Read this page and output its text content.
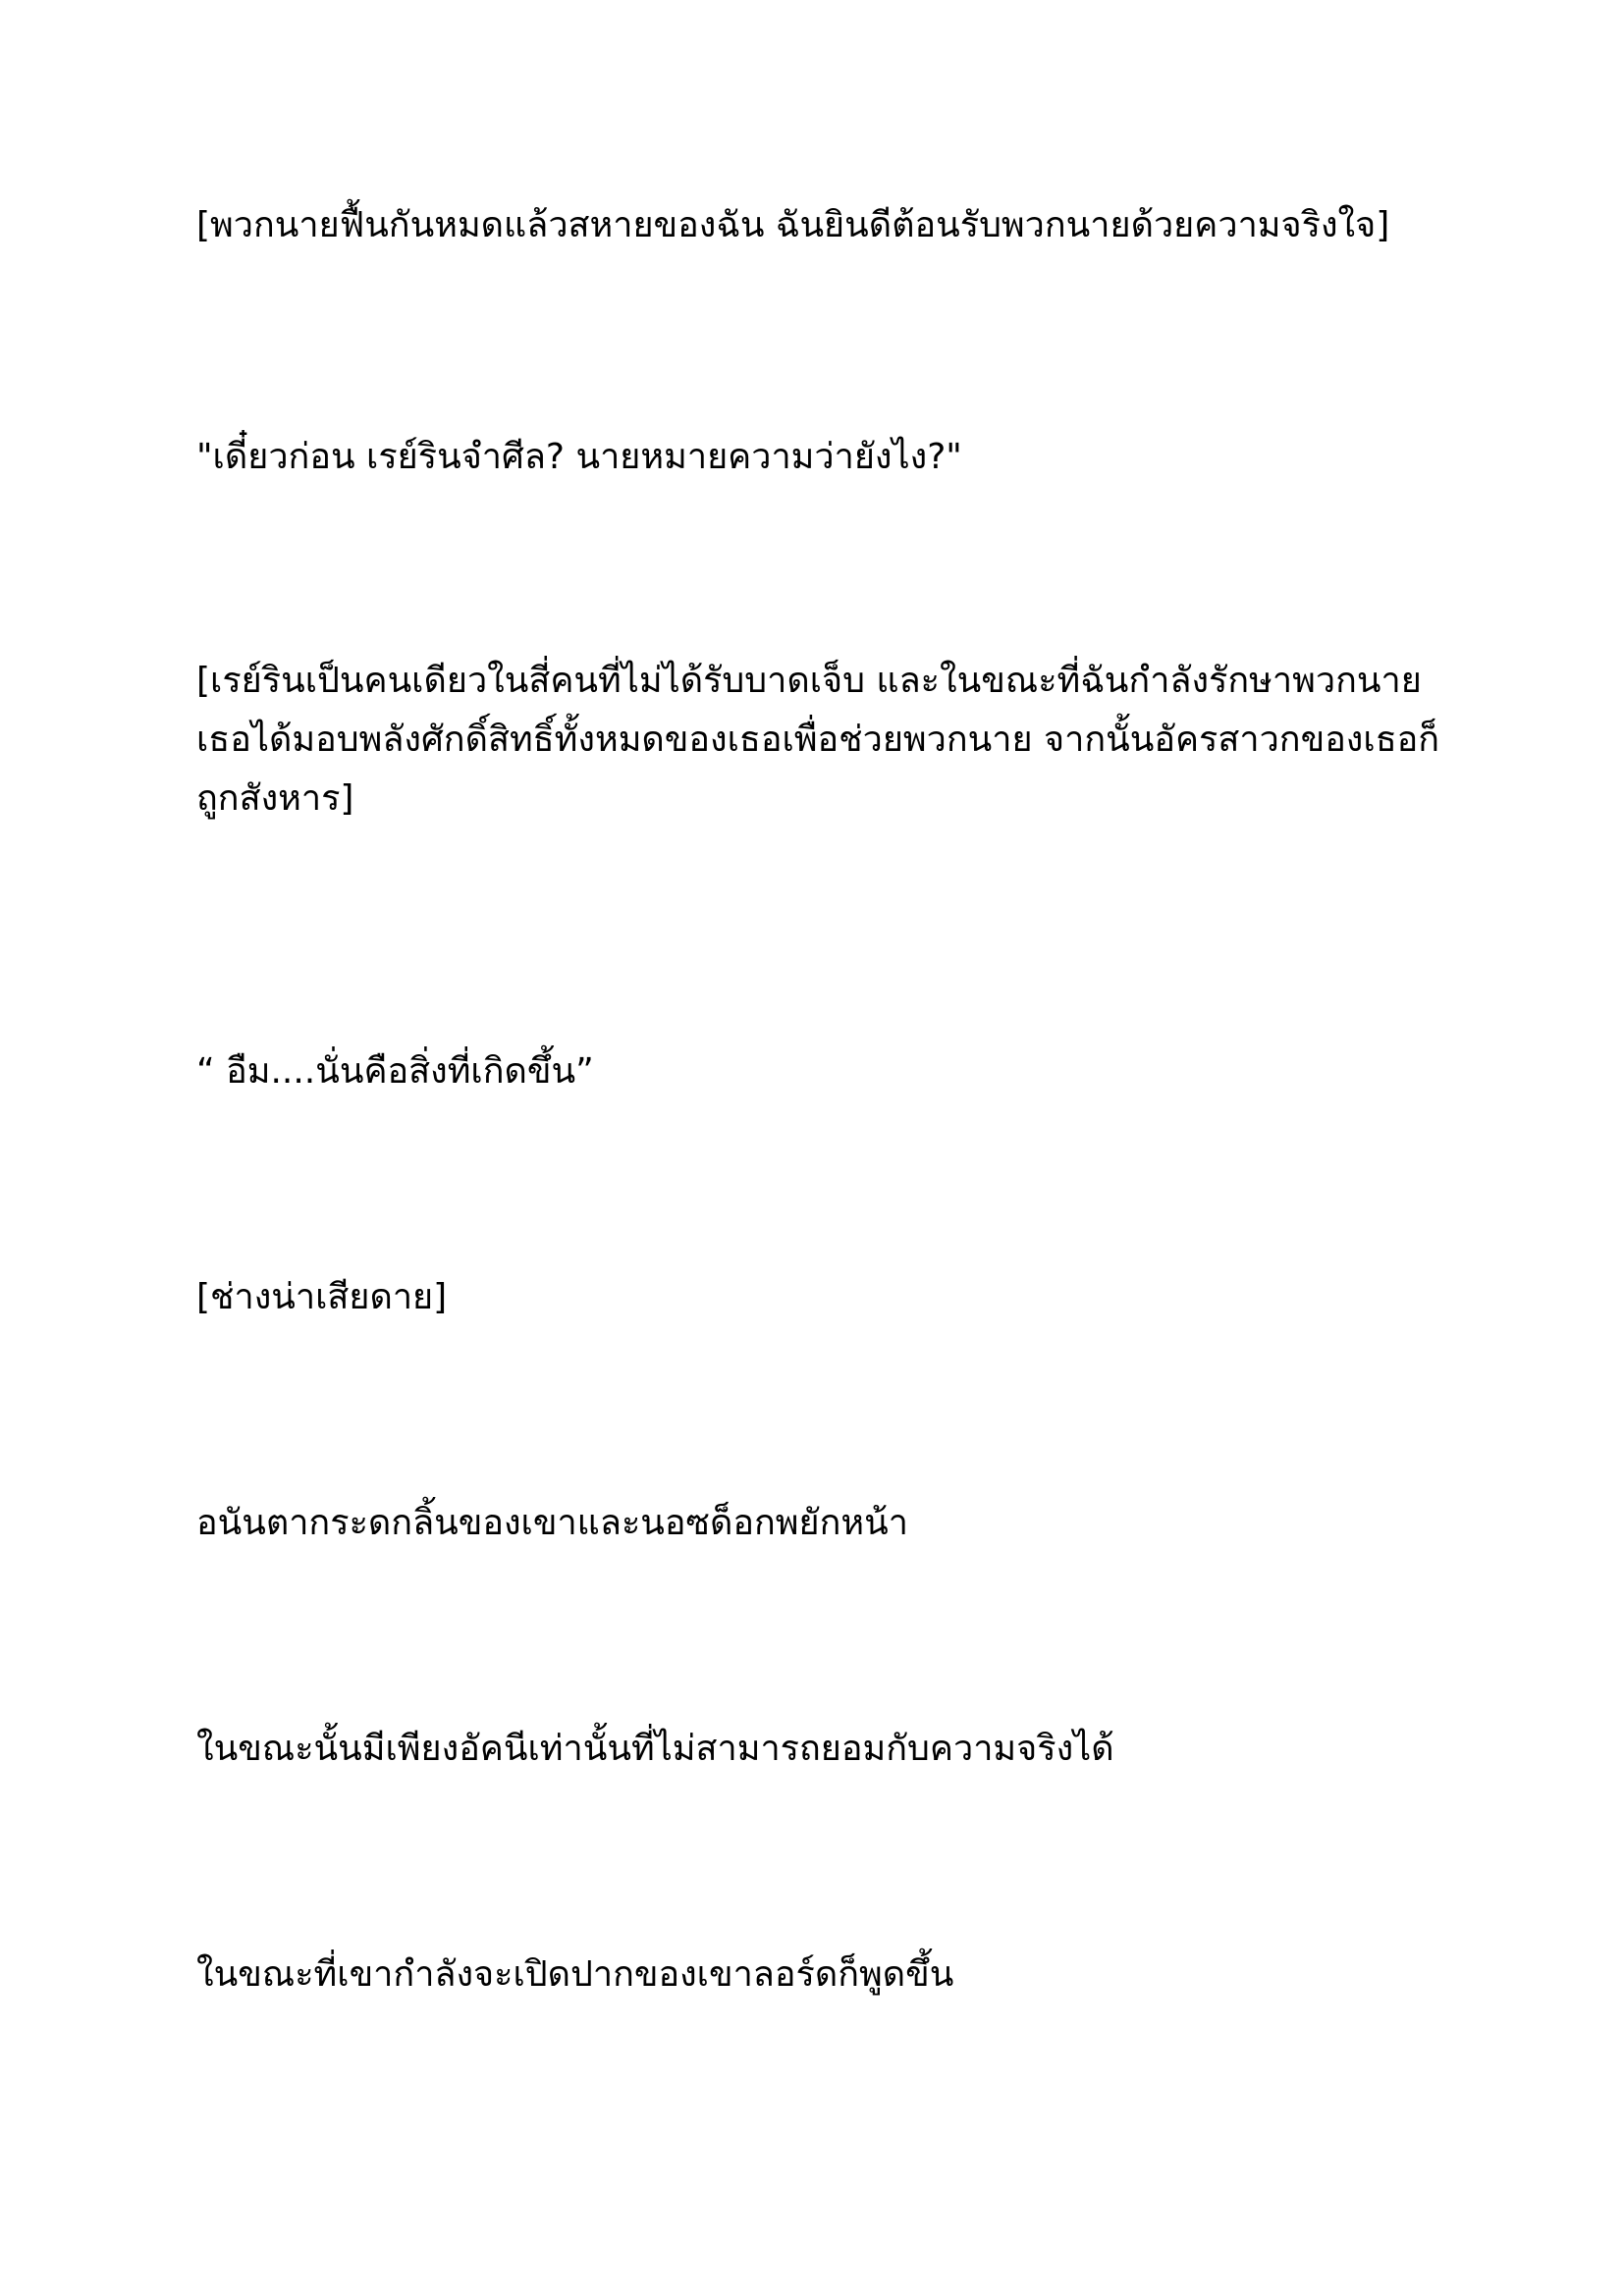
[พวกนายฟื้นกันหมดแล้วสหายของฉัน ฉันยินดีต้อนรับพวกนายด้วยความจริงใจ]

"เดี๋ยวก่อน เรย์รินจำศีล? นายหมายความว่ายังไง?"

[เรย์รินเป็นคนเดียวในสี่คนที่ไม่ได้รับบาดเจ็บ และในขณะที่ฉันกำลังรักษาพวกนาย
เธอได้มอบพลังศักดิ์สิทธิ์ทั้งหมดของเธอเพื่อช่วยพวกนาย จากนั้นอัครสาวกของเธอก็
ถูกสังหาร]

“ อืม....นั่นคือสิ่งที่เกิดขึ้น”

[ช่างน่าเสียดาย]

อนันตากระดกลิ้นของเขาและนอซด็อกพยักหน้า

ในขณะนั้นมีเพียงอัคนีเท่านั้นที่ไม่สามารถยอมกับความจริงได้

ในขณะที่เขากำลังจะเปิดปากของเขาลอร์ดก็พูดขึ้น
